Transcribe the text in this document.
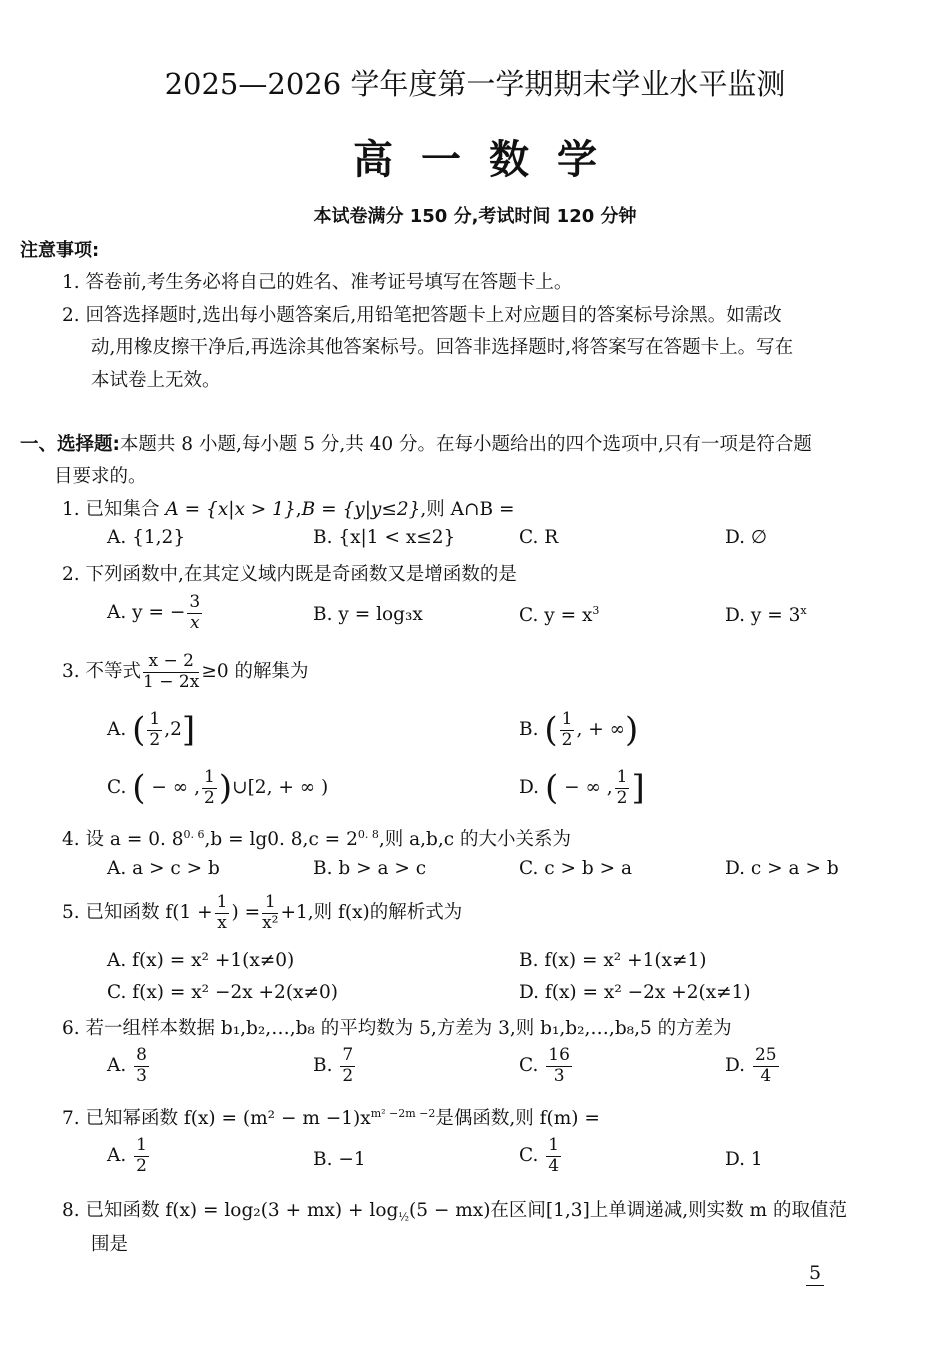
2025—2026 学年度第一学期期末学业水平监测
高一数学
本试卷满分 150 分,考试时间 120 分钟
注意事项:
1. 答卷前,考生务必将自己的姓名、准考证号填写在答题卡上。
2. 回答选择题时,选出每小题答案后,用铅笔把答题卡上对应题目的答案标号涂黑。如需改
动,用橡皮擦干净后,再选涂其他答案标号。回答非选择题时,将答案写在答题卡上。写在
本试卷上无效。
一、选择题:本题共 8 小题,每小题 5 分,共 40 分。在每小题给出的四个选项中,只有一项是符合题
目要求的。
1. 已知集合 A = {x|x > 1},B = {y|y≤2},则 A∩B =
A. {1,2}	B. {x|1 < x≤2}	C. R	D. ∅
2. 下列函数中,在其定义域内既是奇函数又是增函数的是
A. y = − $\frac{3}{x}$	B. y = log₃x	C. $y = x^3$	D. $y = 3^x$
3. 不等式 $\frac{x - 2}{1 - 2x} \ge 0$ 的解集为
A. ( $\frac{1}{2} ,2$]	B. ( $\frac{1}{2}$ , + ∞)
C. ( − ∞ , $\frac{1}{2}$ )∪[2, + ∞ )	D. ( − ∞ , $\frac{1}{2}$ ]
4. 设 a = 0. $8^{0. 6},b = \lg 0$. $8,c = 2^{0. 8}$,则 a,b,c 的大小关系为
A. a > c > b	B. b > a > c	C. c > b > a	D. c > a > b
5. 已知函数 $f(1 + \frac{1}{x}$ ) = $\frac{1}{\text{x²}} +1$,则 f(x)的解析式为
A. f(x) = x² +1(x≠0)	B. f(x) = x² +1(x≠1)
C. f(x) = x² −2x +2(x≠0)	D. f(x) = x² −2x +2(x≠1)
6. 若一组样本数据 b₁,b₂,…,b₈ 的平均数为 5,方差为 3,则 b₁,b₂,…,b₈,5 的方差为
A. $\frac{8}{3}$	B. $\frac{7}{2}$	C. $\frac{16}{3}$	D. $\frac{25}{4}$
7. 已知幂函数 $f(x) = (m^2 - m -1)x^{m^2 -2m -2}$是偶函数,则 f(m) =
A. $\frac{1}{2}$	B. −1	C. $\frac{1}{4}$	D. 1
8. 已知函数 $f(x) = \log_2(3 + mx) + \log_{\frac{1}{2}}(5 - mx)$在区间[1,3]上单调递减,则实数 m 的取值范
围是
5
